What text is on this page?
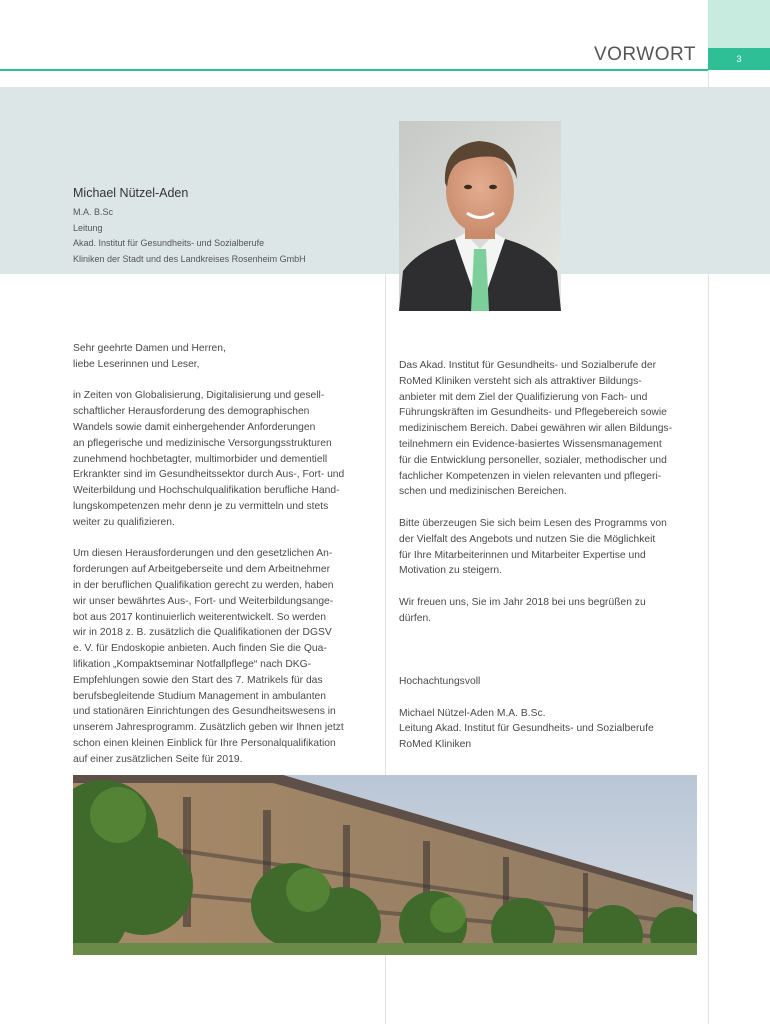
3
VORWORT
Michael Nützel-Aden
M.A. B.Sc
Leitung
Akad. Institut für Gesundheits- und Sozialberufe
Kliniken der Stadt und des Landkreises Rosenheim GmbH

Sehr geehrte Damen und Herren,
liebe Leserinnen und Leser,

in Zeiten von Globalisierung, Digitalisierung und gesell-
schaftlicher Herausforderung des demographischen
Wandels sowie damit einhergehender Anforderungen
an pflegerische und medizinische Versorgungsstrukturen
zunehmend hochbetagter, multimorbider und dementiell
Erkrankter sind im Gesundheitssektor durch Aus-, Fort- und
Weiterbildung und Hochschulqualifikation berufliche Hand-
lungskompetenzen mehr denn je zu vermitteln und stets
weiter zu qualifizieren.

Um diesen Herausforderungen und den gesetzlichen An-
forderungen auf Arbeitgeberseite und dem Arbeitnehmer
in der beruflichen Qualifikation gerecht zu werden, haben
wir unser bewährtes Aus-, Fort- und Weiterbildungsange-
bot aus 2017 kontinuierlich weiterentwickelt. So werden
wir in 2018 z. B. zusätzlich die Qualifikationen der DGSV
e. V. für Endoskopie anbieten. Auch finden Sie die Qua-
lifikation „Kompaktseminar Notfallpflege“ nach DKG-
Empfehlungen sowie den Start des 7. Matrikels für das
berufsbegleitende Studium Management in ambulanten
und stationären Einrichtungen des Gesundheitswesens in
unserem Jahresprogramm. Zusätzlich geben wir Ihnen jetzt
schon einen kleinen Einblick für Ihre Personalqualifikation
auf einer zusätzlichen Seite für 2019.

Das Akad. Institut für Gesundheits- und Sozialberufe der
RoMed Kliniken versteht sich als attraktiver Bildungs-
anbieter mit dem Ziel der Qualifizierung von Fach- und
Führungskräften im Gesundheits- und Pflegebereich sowie
medizinischem Bereich. Dabei gewähren wir allen Bildungs-
teilnehmern ein Evidence-basiertes Wissensmanagement
für die Entwicklung personeller, sozialer, methodischer und
fachlicher Kompetenzen in vielen relevanten und pflegeri-
schen und medizinischen Bereichen.

Bitte überzeugen Sie sich beim Lesen des Programms von
der Vielfalt des Angebots und nutzen Sie die Möglichkeit
für Ihre Mitarbeiterinnen und Mitarbeiter Expertise und
Motivation zu steigern.

Wir freuen uns, Sie im Jahr 2018 bei uns begrüßen zu
dürfen.

Hochachtungsvoll

Michael Nützel-Aden M.A. B.Sc.
Leitung Akad. Institut für Gesundheits- und Sozialberufe
RoMed Kliniken
